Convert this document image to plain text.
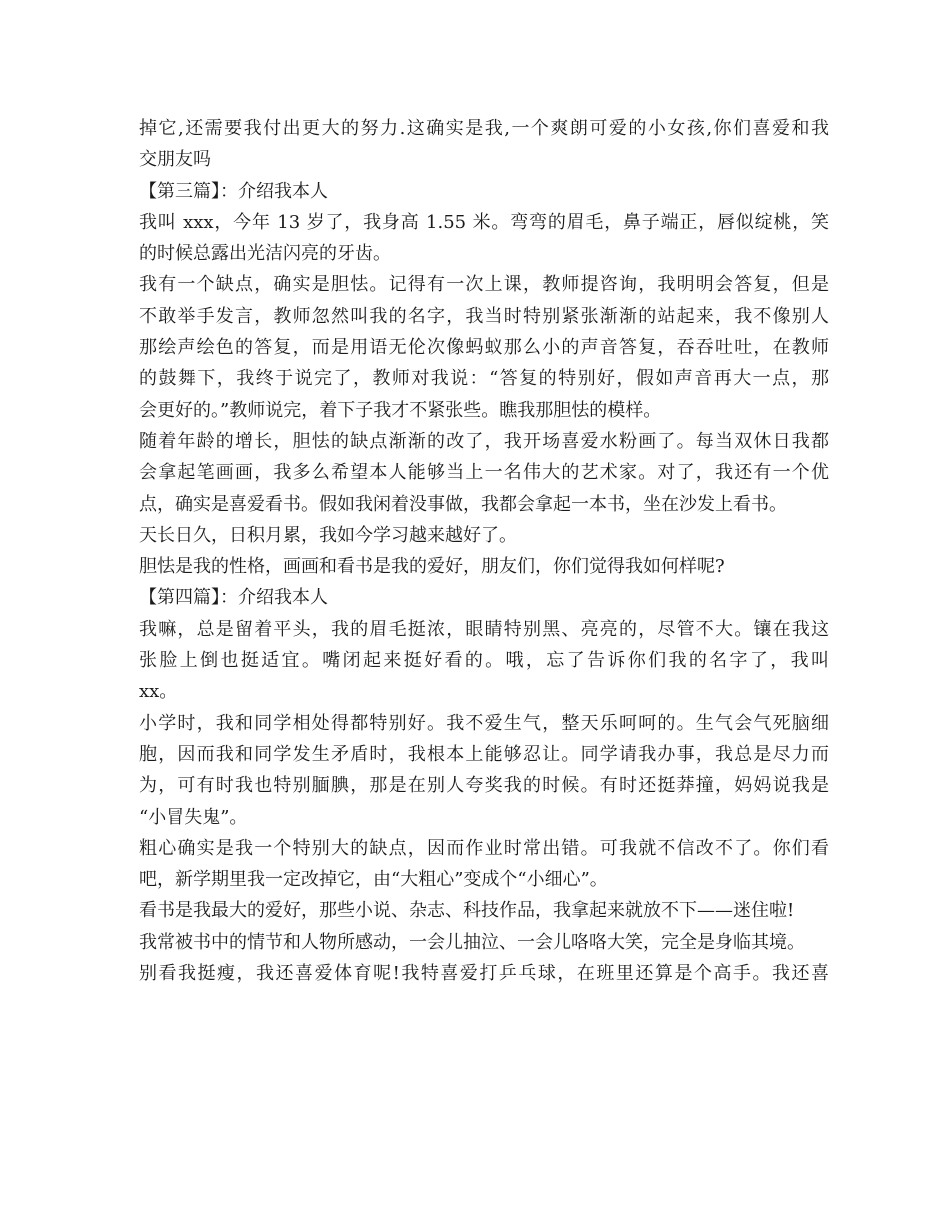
掉它,还需要我付出更大的努力.这确实是我,一个爽朗可爱的小女孩,你们喜爱和我
交朋友吗
【第三篇】：介绍我本人
我叫 xxx，今年 13 岁了，我身高 1.55 米。弯弯的眉毛，鼻子端正，唇似绽桃，笑
的时候总露出光洁闪亮的牙齿。
我有一个缺点，确实是胆怯。记得有一次上课，教师提咨询，我明明会答复，但是
不敢举手发言，教师忽然叫我的名字，我当时特别紧张渐渐的站起来，我不像别人
那绘声绘色的答复，而是用语无伦次像蚂蚁那么小的声音答复，吞吞吐吐，在教师
的鼓舞下，我终于说完了，教师对我说：“答复的特别好，假如声音再大一点，那
会更好的。”教师说完，着下子我才不紧张些。瞧我那胆怯的模样。
随着年龄的增长，胆怯的缺点渐渐的改了，我开场喜爱水粉画了。每当双休日我都
会拿起笔画画，我多么希望本人能够当上一名伟大的艺术家。对了，我还有一个优
点，确实是喜爱看书。假如我闲着没事做，我都会拿起一本书，坐在沙发上看书。
天长日久，日积月累，我如今学习越来越好了。
胆怯是我的性格，画画和看书是我的爱好，朋友们，你们觉得我如何样呢?
【第四篇】：介绍我本人
我嘛，总是留着平头，我的眉毛挺浓，眼睛特别黑、亮亮的，尽管不大。镶在我这
张脸上倒也挺适宜。嘴闭起来挺好看的。哦，忘了告诉你们我的名字了，我叫
xx。
小学时，我和同学相处得都特别好。我不爱生气，整天乐呵呵的。生气会气死脑细
胞，因而我和同学发生矛盾时，我根本上能够忍让。同学请我办事，我总是尽力而
为，可有时我也特别腼腆，那是在别人夸奖我的时候。有时还挺莽撞，妈妈说我是
“小冒失鬼”。
粗心确实是我一个特别大的缺点，因而作业时常出错。可我就不信改不了。你们看
吧，新学期里我一定改掉它，由“大粗心”变成个“小细心”。
看书是我最大的爱好，那些小说、杂志、科技作品，我拿起来就放不下——迷住啦!
我常被书中的情节和人物所感动，一会儿抽泣、一会儿咯咯大笑，完全是身临其境。
别看我挺瘦，我还喜爱体育呢!我特喜爱打乒乓球，在班里还算是个高手。我还喜
